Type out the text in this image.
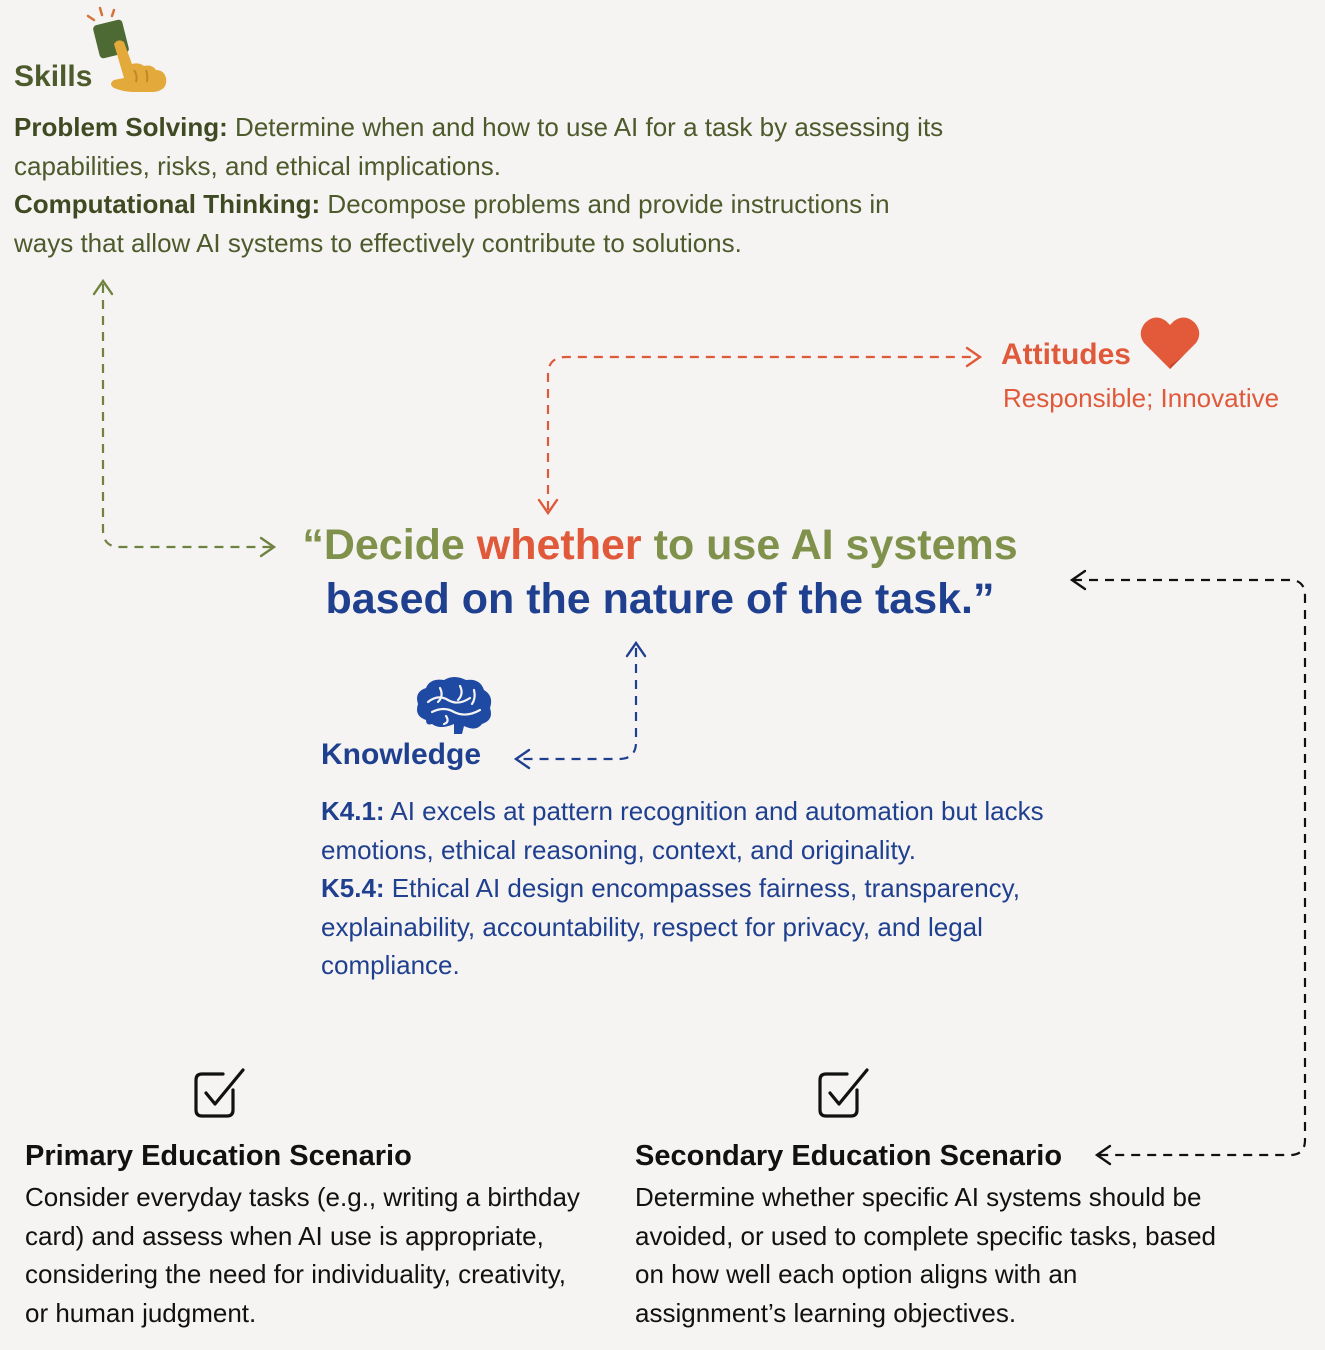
Skills
Problem Solving: Determine when and how to use AI for a task by assessing its capabilities, risks, and ethical implications.
Computational Thinking: Decompose problems and provide instructions in ways that allow AI systems to effectively contribute to solutions.
Attitudes
Responsible; Innovative
“Decide whether to use AI systems
based on the nature of the task.”
Knowledge
K4.1: AI excels at pattern recognition and automation but lacks emotions, ethical reasoning, context, and originality.
K5.4: Ethical AI design encompasses fairness, transparency, explainability, accountability, respect for privacy, and legal compliance.
Primary Education Scenario
Consider everyday tasks (e.g., writing a birthday card) and assess when AI use is appropriate, considering the need for individuality, creativity, or human judgment.
Secondary Education Scenario
Determine whether specific AI systems should be avoided, or used to complete specific tasks, based on how well each option aligns with an assignment’s learning objectives.
